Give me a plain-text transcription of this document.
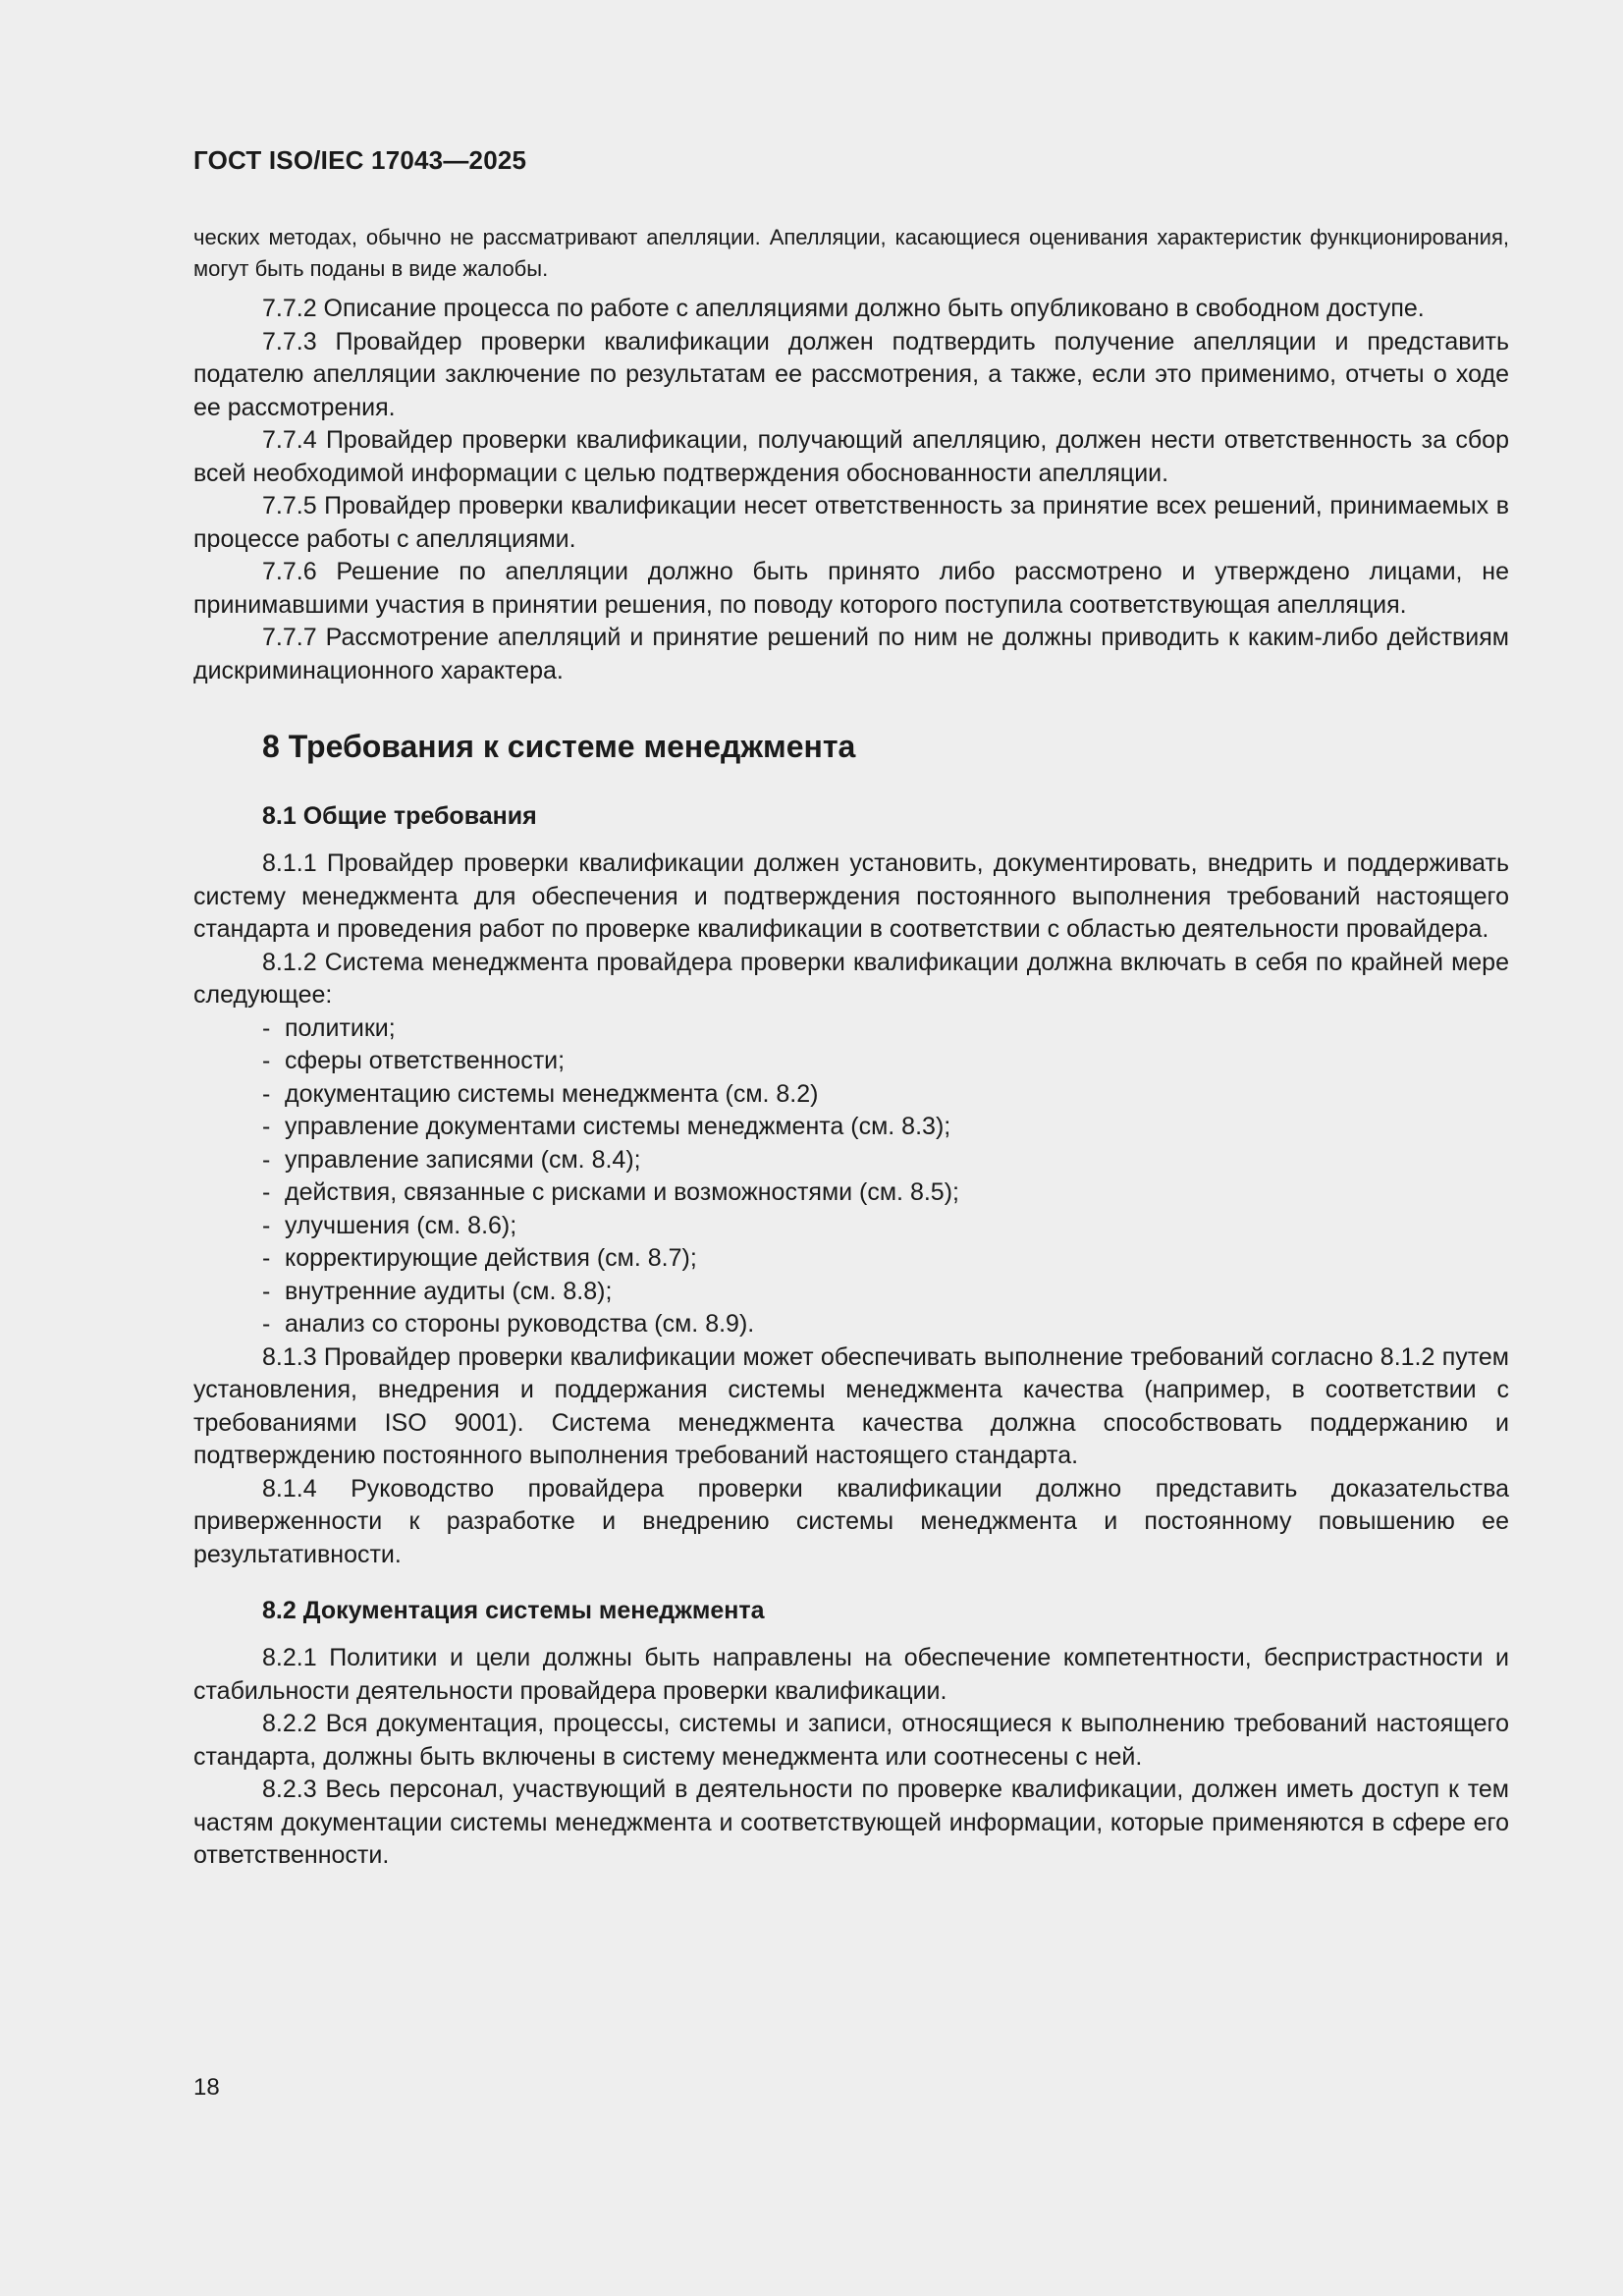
ГОСТ ISO/IEC 17043—2025

ческих методах, обычно не рассматривают апелляции. Апелляции, касающиеся оценивания характеристик функционирования, могут быть поданы в виде жалобы.

7.7.2 Описание процесса по работе с апелляциями должно быть опубликовано в свободном доступе.

7.7.3 Провайдер проверки квалификации должен подтвердить получение апелляции и представить подателю апелляции заключение по результатам ее рассмотрения, а также, если это применимо, отчеты о ходе ее рассмотрения.

7.7.4 Провайдер проверки квалификации, получающий апелляцию, должен нести ответственность за сбор всей необходимой информации с целью подтверждения обоснованности апелляции.

7.7.5 Провайдер проверки квалификации несет ответственность за принятие всех решений, принимаемых в процессе работы с апелляциями.

7.7.6 Решение по апелляции должно быть принято либо рассмотрено и утверждено лицами, не принимавшими участия в принятии решения, по поводу которого поступила соответствующая апелляция.

7.7.7 Рассмотрение апелляций и принятие решений по ним не должны приводить к каким-либо действиям дискриминационного характера.

8 Требования к системе менеджмента
8.1 Общие требования

8.1.1 Провайдер проверки квалификации должен установить, документировать, внедрить и поддерживать систему менеджмента для обеспечения и подтверждения постоянного выполнения требований настоящего стандарта и проведения работ по проверке квалификации в соответствии с областью деятельности провайдера.

8.1.2 Система менеджмента провайдера проверки квалификации должна включать в себя по крайней мере следующее:

- политики;
- сферы ответственности;
- документацию системы менеджмента (см. 8.2)
- управление документами системы менеджмента (см. 8.3);
- управление записями (см. 8.4);
- действия, связанные с рисками и возможностями (см. 8.5);
- улучшения (см. 8.6);
- корректирующие действия (см. 8.7);
- внутренние аудиты (см. 8.8);
- анализ со стороны руководства (см. 8.9).

8.1.3 Провайдер проверки квалификации может обеспечивать выполнение требований согласно 8.1.2 путем установления, внедрения и поддержания системы менеджмента качества (например, в соответствии с требованиями ISO 9001). Система менеджмента качества должна способствовать поддержанию и подтверждению постоянного выполнения требований настоящего стандарта.

8.1.4 Руководство провайдера проверки квалификации должно представить доказательства приверженности к разработке и внедрению системы менеджмента и постоянному повышению ее результативности.

8.2 Документация системы менеджмента

8.2.1 Политики и цели должны быть направлены на обеспечение компетентности, беспристрастности и стабильности деятельности провайдера проверки квалификации.

8.2.2 Вся документация, процессы, системы и записи, относящиеся к выполнению требований настоящего стандарта, должны быть включены в систему менеджмента или соотнесены с ней.

8.2.3 Весь персонал, участвующий в деятельности по проверке квалификации, должен иметь доступ к тем частям документации системы менеджмента и соответствующей информации, которые применяются в сфере его ответственности.

18
